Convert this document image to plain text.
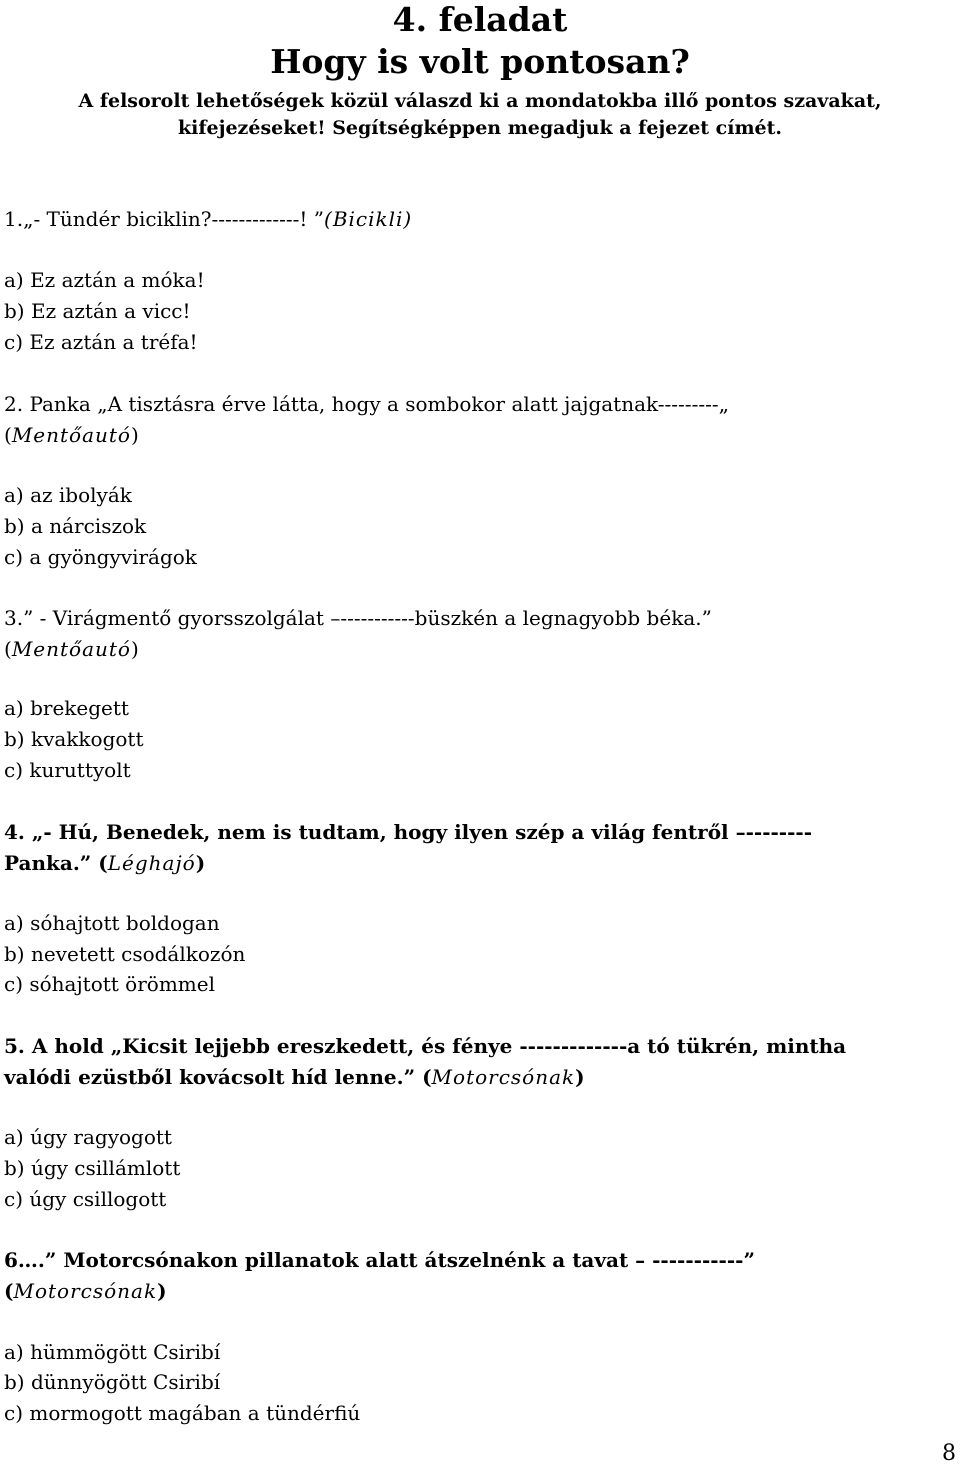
4. feladat
Hogy is volt pontosan?
A felsorolt lehetőségek közül válaszd ki a mondatokba illő pontos szavakat,
kifejezéseket! Segítségképpen megadjuk a fejezet címét.
1.„- Tündér biciklin?-------------! ”(Bicikli)
a) Ez aztán a móka!
b) Ez aztán a vicc!
c) Ez aztán a tréfa!
2. Panka „A tisztásra érve látta, hogy a sombokor alatt jajgatnak---------„
(Mentőautó)
a) az ibolyák
b) a nárciszok
c) a gyöngyvirágok
3.” - Virágmentő gyorsszolgálat –-----------büszkén a legnagyobb béka.”
(Mentőautó)
a) brekegett
b) kvakkogott
c) kuruttyolt
4. „- Hú, Benedek, nem is tudtam, hogy ilyen szép a világ fentről –--------
Panka.” (Léghajó)
a) sóhajtott boldogan
b) nevetett csodálkozón
c) sóhajtott örömmel
5. A hold „Kicsit lejjebb ereszkedett, és fénye -------------a tó tükrén, mintha
valódi ezüstből kovácsolt híd lenne.” (Motorcsónak)
a) úgy ragyogott
b) úgy csillámlott
c) úgy csillogott
6….” Motorcsónakon pillanatok alatt átszelnénk a tavat – -----------”
(Motorcsónak)
a) hümmögött Csiribí
b) dünnyögött Csiribí
c) mormogott magában a tündérfiú
8
